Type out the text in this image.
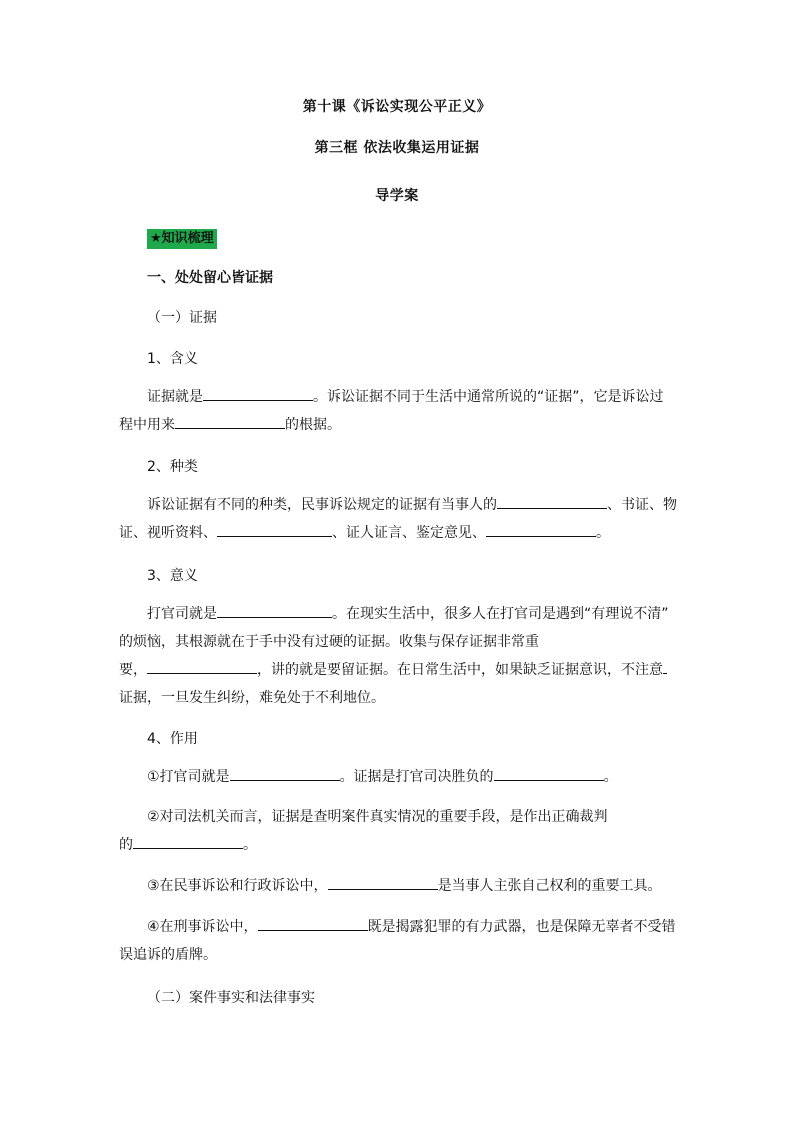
第十课《诉讼实现公平正义》
第三框 依法收集运用证据
导学案
★知识梳理
一、处处留心皆证据
（一）证据
1、含义
证据就是	。诉讼证据不同于生活中通常所说的“证据”，它是诉讼过
程中用来	的根据。
2、种类
诉讼证据有不同的种类，民事诉讼规定的证据有当事人的	、书证、物
证、视听资料、	、证人证言、鉴定意见、	。
3、意义
打官司就是	。在现实生活中，很多人在打官司是遇到“有理说不清”
的烦恼，其根源就在于手中没有过硬的证据。收集与保存证据非常重
要，	，讲的就是要留证据。在日常生活中，如果缺乏证据意识，不注意
证据，一旦发生纠纷，难免处于不利地位。
4、作用
①打官司就是	。证据是打官司决胜负的	。
②对司法机关而言，证据是查明案件真实情况的重要手段，是作出正确裁判
的	。
③在民事诉讼和行政诉讼中，	是当事人主张自己权利的重要工具。
④在刑事诉讼中，	既是揭露犯罪的有力武器，也是保障无辜者不受错
误追诉的盾牌。
（二）案件事实和法律事实
